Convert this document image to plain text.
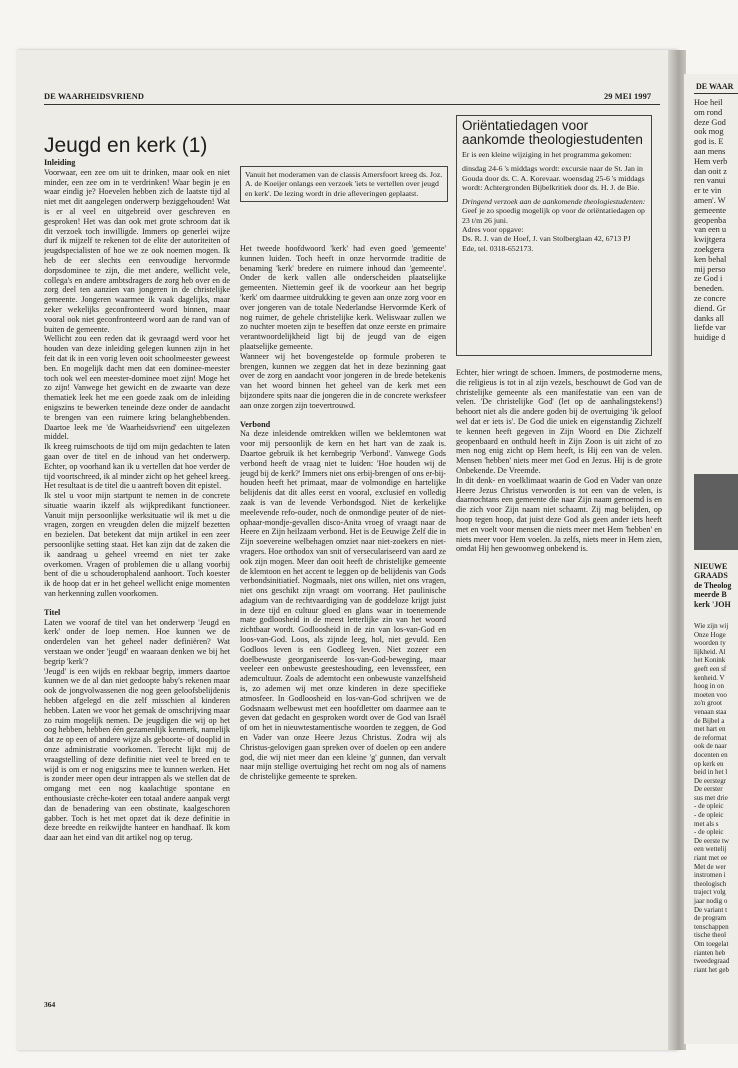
DE WAARHEIDSVRIEND	29 MEI 1997
Jeugd en kerk (1)
Vanuit het moderamen van de classis Amersfoort kreeg ds. Joz. A. de Koeijer onlangs een verzoek 'iets te vertellen over jeugd en kerk'. De lezing wordt in drie afleveringen geplaatst.
Oriëntatiedagen voor aankomde theologiestudenten

Er is een kleine wijziging in het programma gekomen:

dinsdag 24-6 's middags wordt: excursie naar de St. Jan in Gouda door ds. C. A. Korevaar. woensdag 25-6 's middags wordt: Achtergronden Bijbelkritiek door ds. H. J. de Bie.

Dringend verzoek aan de aankomende theologiestudenten:

Geef je zo spoedig mogelijk op voor de oriëntatiedagen op 23 t/m 26 juni.

Adres voor opgave:

Ds. R. J. van de Hoef, J. van Stolberglaan 42, 6713 PJ Ede, tel. 0318-652173.

Inleiding

Voorwaar, een zee om uit te drinken, maar ook en niet minder, een zee om in te verdrinken! Waar begin je en waar eindig je? Hoevelen hebben zich de laatste tijd al niet met dit aangelegen onderwerp beziggehouden! Wat is er al veel en uitgebreid over geschreven en gesproken! Het was dan ook met grote schroom dat ik dit verzoek toch inwilligde. Immers op generlei wijze durf ik mijzelf te rekenen tot de elite der autoriteiten of jeugdspecialisten of hoe we ze ook noemen mogen. Ik heb de eer slechts een eenvoudige hervormde dorpsdominee te zijn, die met andere, wellicht vele, collega's en andere ambtsdragers de zorg heb over en de zorg deel ten aanzien van jongeren in de christelijke gemeente. Jongeren waarmee ik vaak dagelijks, maar zeker wekelijks geconfronteerd word binnen, maar vooral ook niet geconfronteerd word aan de rand van of buiten de gemeente.

Wellicht zou een reden dat ik gevraagd werd voor het houden van deze inleiding gelegen kunnen zijn in het feit dat ik in een vorig leven ooit schoolmeester geweest ben. En mogelijk dacht men dat een dominee-meester toch ook wel een meester-dominee moet zijn! Moge het zo zijn! Vanwege het gewicht en de zwaarte van deze thematiek leek het me een goede zaak om de inleiding enigszins te bewerken teneinde deze onder de aandacht te brengen van een ruimere kring belanghebbenden. Daartoe leek me 'de Waarheidsvriend' een uitgelezen middel.

Ik kreeg ruimschoots de tijd om mijn gedachten te laten gaan over de titel en de inhoud van het onderwerp. Echter, op voorhand kan ik u vertellen dat hoe verder de tijd voortschreed, ik al minder zicht op het geheel kreeg. Het resultaat is de titel die u aantreft boven dit epistel.

Ik stel u voor mijn startpunt te nemen in de concrete situatie waarin ikzelf als wijkpredikant functioneer. Vanuit mijn persoonlijke werksituatie wil ik met u die vragen, zorgen en vreugden delen die mijzelf bezetten en bezielen. Dat betekent dat mijn artikel in een zeer persoonlijke setting staat. Het kan zijn dat de zaken die ik aandraag u geheel vreemd en niet ter zake overkomen. Vragen of problemen die u allang voorbij bent of die u schouderophalend aanhoort. Toch koester ik de hoop dat er in het geheel wellicht enige momenten van herkenning zullen voorkomen.

Titel

Laten we vooraf de titel van het onderwerp 'Jeugd en kerk' onder de loep nemen. Hoe kunnen we de onderdelen van het geheel nader definiëren? Wat verstaan we onder 'jeugd' en waaraan denken we bij het begrip 'kerk'?

'Jeugd' is een wijds en rekbaar begrip, immers daartoe kunnen we de al dan niet gedoopte baby's rekenen maar ook de jongvolwassenen die nog geen geloofsbelijdenis hebben afgelegd en die zelf misschien al kinderen hebben. Laten we voor het gemak de omschrijving maar zo ruim mogelijk nemen. De jeugdigen die wij op het oog hebben, hebben één gezamenlijk kenmerk, namelijk dat ze op een of andere wijze als geboorte- of dooplid in onze administratie voorkomen. Terecht lijkt mij de vraagstelling of deze definitie niet veel te breed en te wijd is om er nog enigszins mee te kunnen werken. Het is zonder meer open deur intrappen als we stellen dat de omgang met een nog kaalachtige spontane en enthousiaste crèche-koter een totaal andere aanpak vergt dan de benadering van een obstinate, kaalgeschoren gabber. Toch is het met opzet dat ik deze definitie in deze breedte en reikwijdte hanteer en handhaaf. Ik kom daar aan het eind van dit artikel nog op terug.

Het tweede hoofdwoord 'kerk' had even goed 'gemeente' kunnen luiden. Toch heeft in onze hervormde traditie de benaming 'kerk' bredere en ruimere inhoud dan 'gemeente'. Onder de kerk vallen alle onderscheiden plaatselijke gemeenten. Niettemin geef ik de voorkeur aan het begrip 'kerk' om daarmee uitdrukking te geven aan onze zorg voor en over jongeren van de totale Nederlandse Hervormde Kerk of nog ruimer, de gehele christelijke kerk. Weliswaar zullen we zo nuchter moeten zijn te beseffen dat onze eerste en primaire verantwoordelijkheid ligt bij de jeugd van de eigen plaatselijke gemeente.

Wanneer wij het bovengestelde op formule proberen te brengen, kunnen we zeggen dat het in deze bezinning gaat over de zorg en aandacht voor jongeren in de brede betekenis van het woord binnen het geheel van de kerk met een bijzondere spits naar die jongeren die in de concrete werksfeer aan onze zorgen zijn toevertrouwd.

Verbond

Na deze inleidende omtrekken willen we beklemtonen wat voor mij persoonlijk de kern en het hart van de zaak is. Daartoe gebruik ik het kernbegrip 'Verbond'. Vanwege Gods verbond heeft de vraag niet te luiden: 'Hoe houden wij de jeugd bij de kerk?' Immers niet ons erbij-brengen of ons er-bij-houden heeft het primaat, maar de volmondige en hartelijke belijdenis dat dit alles eerst en vooral, exclusief en volledig zaak is van de levende Verbondsgod. Niet de kerkelijke meelevende refo-ouder, noch de onmondige peuter of de niet-ophaar-mondje-gevallen disco-Anita vroeg of vraagt naar de Heere en Zijn heilzaam verbond. Het is de Eeuwige Zelf die in Zijn soevereine welbehagen omziet naar niet-zoekers en niet-vragers. Hoe orthodox van snit of verseculariseerd van aard ze ook zijn mogen. Meer dan ooit heeft de christelijke gemeente de klemtoon en het accent te leggen op de belijdenis van Gods verbondsinitiatief. Nogmaals, niet ons willen, niet ons vragen, niet ons geschikt zijn vraagt om voorrang. Het paulinische adagium van de rechtvaardiging van de goddeloze krijgt juist in deze tijd en cultuur gloed en glans waar in toenemende mate godloosheid in de meest letterlijke zin van het woord zichtbaar wordt. Godloosheid in de zin van los-van-God en loos-van-God. Loos, als zijnde leeg, hol, niet gevuld. Een Godloos leven is een Godleeg leven. Niet zozeer een doelbewuste georganiseerde los-van-God-beweging, maar veeleer een onbewuste geesteshouding, een levenssfeer, een ademcultuur. Zoals de ademtocht een onbewuste vanzelfsheid is, zo ademen wij met onze kinderen in deze specifieke atmosfeer. In Godloosheid en los-van-God schrijven we de Godsnaam welbewust met een hoofdletter om daarmee aan te geven dat gedacht en gesproken wordt over de God van Israël of om het in nieuwtestamentische woorden te zeggen, de God en Vader van onze Heere Jezus Christus. Zodra wij als Christus-gelovigen gaan spreken over of doelen op een andere god, die wij niet meer dan een kleine 'g' gunnen, dan vervalt naar mijn stellige overtuiging het recht om nog als of namens de christelijke gemeente te spreken.

Echter, hier wringt de schoen. Immers, de postmoderne mens, die religieus is tot in al zijn vezels, beschouwt de God van de christelijke gemeente als een manifestatie van een van de velen. 'De christelijke God' (let op de aanhalingstekens!) behoort niet als die andere goden bij de overtuiging 'ik geloof wel dat er iets is'. De God die uniek en eigenstandig Zichzelf te kennen heeft gegeven in Zijn Woord en Die Zichzelf geopenbaard en onthuld heeft in Zijn Zoon is uit zicht of zo men nog enig zicht op Hem heeft, is Hij een van de velen. Mensen 'hebben' niets meer met God en Jezus. Hij is de grote Onbekende. De Vreemde.

In dit denk- en voelklimaat waarin de God en Vader van onze Heere Jezus Christus verworden is tot een van de velen, is daarnochtans een gemeente die naar Zijn naam genoemd is en die zich voor Zijn naam niet schaamt. Zij mag belijden, op hoop tegen hoop, dat juist deze God als geen ander iets heeft met en voelt voor mensen die niets meer met Hem 'hebben' en niets meer voor Hem voelen. Ja zelfs, niets meer in Hem zien, omdat Hij hen gewoonweg onbekend is.

364
DE WAAR
Hoe heil
om rond
deze God
ook mog
god is. E
aan mens
Hem verb
dan ooit z
ren vanui
er te vin
amen'. W
gemeente
geopenba
van een u
kwijtgera
zoekgera
ken behal
mij perso
ze God i
beneden.
ze concre
diend. Gr
danks all
liefde var
huidige d
NIEUWE
GRAADS
de Theolog
meerde B
kerk 'JOH
Wie zijn wij
Onze Hoge
woorden ty
lijkheid. Al
het Konink
geeft een sf
kenheid. V
hoog in on
moeten voo
zo'n groot
venaan staa
de Bijbel a
met hart en
de reformat
ook de naar
docenten en
op kerk en
beid in het l
De eerstegr
De eerster
sus met drie
- de opleic
- de opleic
met als s
- de opleic
De eerste tw
een wettelij
riant met ee
Met de wer
instromen i
theologisch
traject volg
jaar nodig o
De variant t
de program
tenschappen
tische theol
Om toegelat
rianten heb
tweedegraad
riant het geb
